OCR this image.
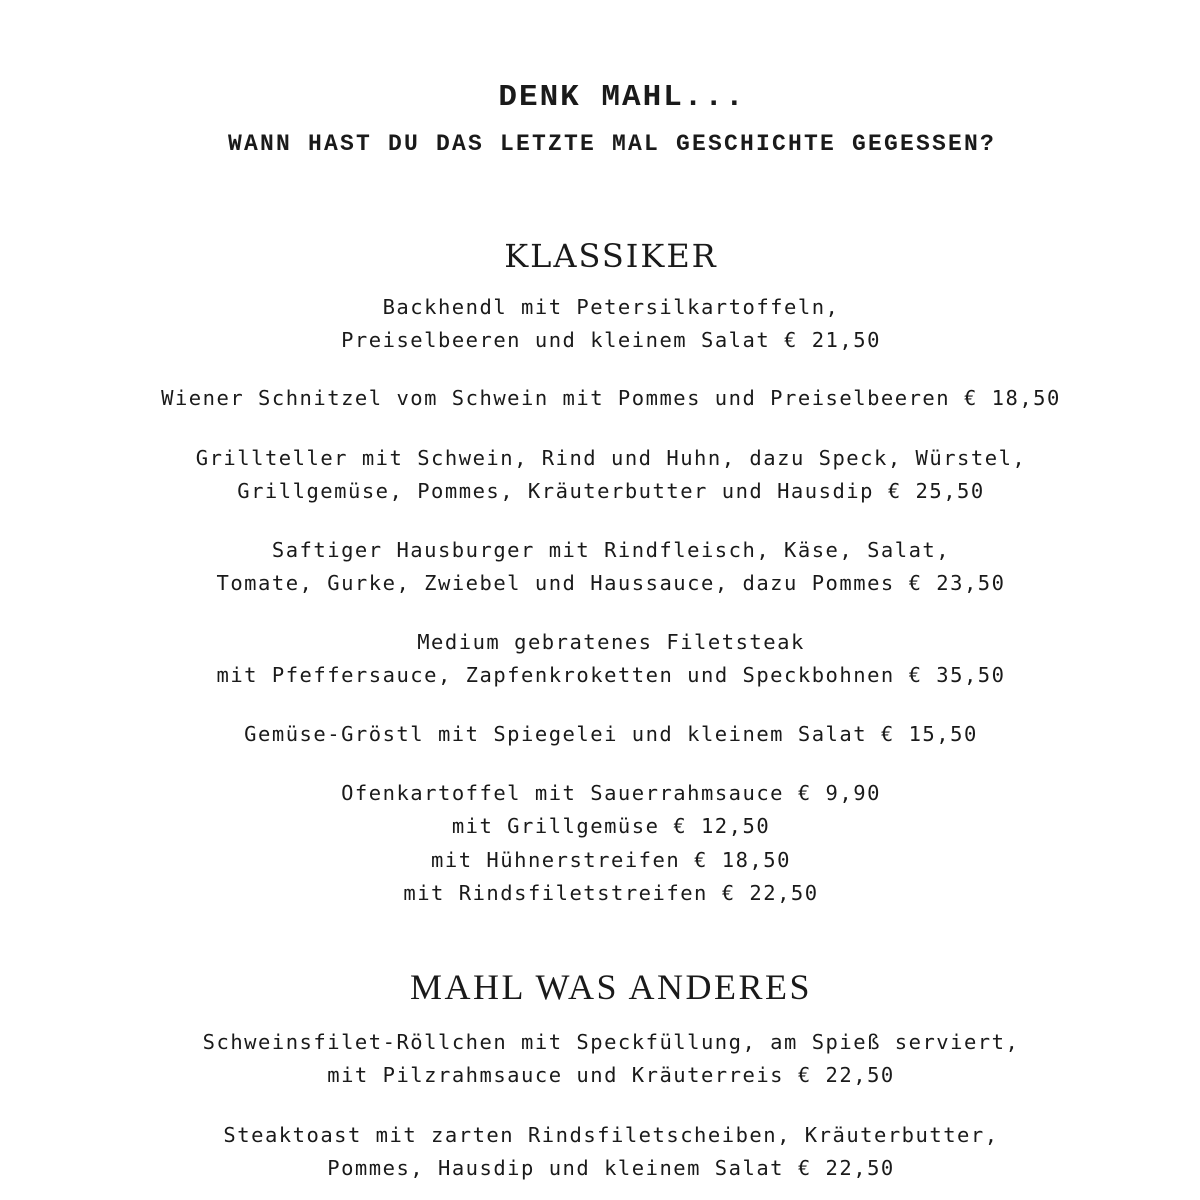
DENK MAHL...
WANN HAST DU DAS LETZTE MAL GESCHICHTE GEGESSEN?
KLASSIKER
Backhendl mit Petersilkartoffeln,
Preiselbeeren und kleinem Salat € 21,50
Wiener Schnitzel vom Schwein mit Pommes und Preiselbeeren € 18,50
Grillteller mit Schwein, Rind und Huhn, dazu Speck, Würstel,
Grillgemüse, Pommes, Kräuterbutter und Hausdip € 25,50
Saftiger Hausburger mit Rindfleisch, Käse, Salat,
Tomate, Gurke, Zwiebel und Haussauce, dazu Pommes € 23,50
Medium gebratenes Filetsteak
mit Pfeffersauce, Zapfenkroketten und Speckbohnen € 35,50
Gemüse-Gröstl mit Spiegelei und kleinem Salat € 15,50
Ofenkartoffel mit Sauerrahmsauce € 9,90
mit Grillgemüse € 12,50
mit Hühnerstreifen € 18,50
mit Rindsfiletstreifen € 22,50
MAHL WAS ANDERES
Schweinsfilet-Röllchen mit Speckfüllung, am Spieß serviert,
mit Pilzrahmsauce und Kräuterreis € 22,50
Steaktoast mit zarten Rindsfiletscheiben, Kräuterbutter,
Pommes, Hausdip und kleinem Salat € 22,50
